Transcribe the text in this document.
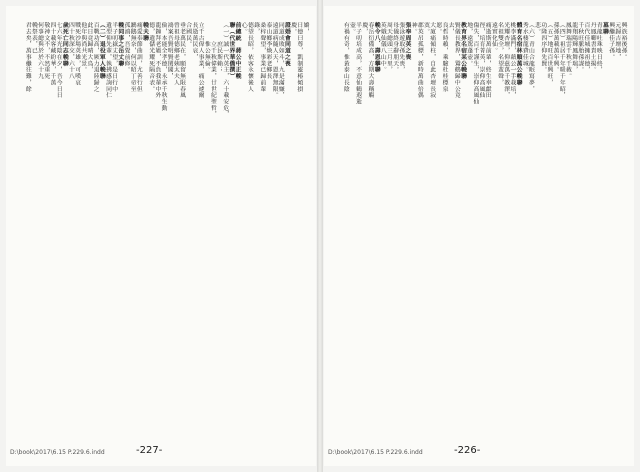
嬌，
日德曰尊，凱制靈椿傾損
慶。
證婚會同道之喪
同道成敗如斗，九是滿嫌，
遠道病隨人天，恩澤無限。
泰山鄉李煥彩老鄉長
桑梓聲望，事業已歸前輩
錄，
德望長昭，依客永懷後人
心。
前總統　蔣公中正輓
聯（代世界華僑撰）
（一）誠一代英主，六十載安危，
　　　庶民斯賴；
　　　立千秋偉業，廿世紀聖哲，
　　　惟公無倫。
立千古偉人事業，痛公遽爾
長逝萬民哀，
合國民。
垂老萬民在，願留無限春風
曾祖母德鄉老姨太夫人
鴻案吾賢明賢閨閣，
儉，本能全孝德，永承千秋生動
龍鐘拜老媼，不負我輩中外
德，遺儲光耀死隔音表。
輓夫聯
痛愛奉節曲訓，尤善行但
鶼鵝無奈，何以昭丁帝至
孤鴻，吾覺前修。
輓同事之岳丈聯
半子叨嶽丈望，是日行中
遺型仰先輩，執拂感詢同仁
（二）退役軍人輓聯
百戰功高，厥力退陸歸之
此日竟歸晴大鳥，
他年與尚共光景。
戰死沙場英雄，可嘆哀
四十秋深交，六十八
歲死亡同志輓聯
七六年光陰在夕，吾今日日
四十載客藏紛華，千萬
敬神文不，不然重死
何事總與於於六十九
輓祭表，已
君去矣，萬事繼往難，餘
D:\book\2017\6.15 P.229.6.indd	-227-
興族裕後孫。
元歸吉壇地，
興繼佳子孫。
墓聯
青龍吐珠映日終，
丹鳳啣書貴土揚。
百代佳城擁祖德，
千秋旺脈胎孫謀。
龍翔陽輝鳳舞瑞，
鳳舞瑞雲千秋千載。
（四）祖居千年暖千年昭，
孫孫萬載萬年興。
（五）地旺百世興旺，
功隆四序仰先賢。
悲。
（六）青山合龍眠寫夢，
秀水棲龍費佳城。
體育名宿林順萬公輓聯
桃李滿門，藉公一手栽培，
光耀杏壇，仰茲萬千教澤，
名祖雙全，名望蜚聲，
遠實化仙。
痛逝斯萬前輩，終生奉獻田
徑，培育菁英，崇仰高風仙
傷失，百千謹生，崇仰高風仙
地，遠駕蓬壺。
教育界名宿某公輓聯
賢儀長教界，鷲鶴歸中公竟
去，
良哲時賴，乘驗杜桂標泉
愿。
大廈痛傾柱，自此杏壇長寂
寞。
郡英吊孤標，新時萬曲倍偶
神。
張奉周英之喪
張泳遊取孫先喪，
母儀終身辭朋天。
周天總頭三月里，
英娥仙儀八山中。
輓令八．壽恩攀聯
春岳衍備高，方期大壽稱觴
慶，
半子叨培成高，不意仙鶴遐逝
壺。
有禍有奇，惟黃泰山長陰
D:\book\2017\6.15 P.229.6.indd	-226-
